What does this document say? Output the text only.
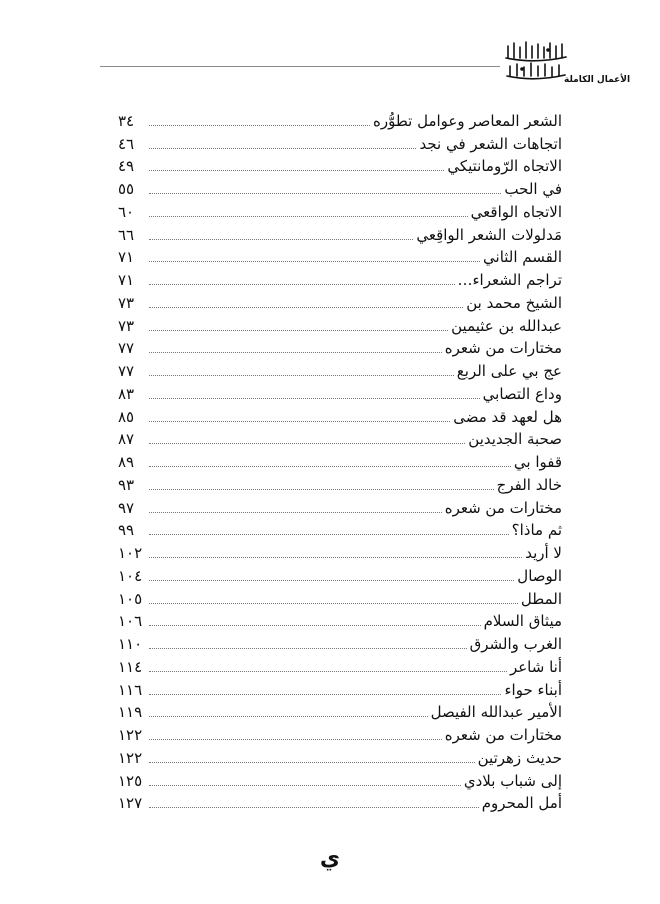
الأعمال الكاملة
الشعر المعاصر وعوامل تطوُّره
٣٤
اتجاهات الشعر في نجد
٤٦
الاتجاه الرّومانتيكي
٤٩
في الحب
٥٥
الاتجاه الواقعي
٦٠
مَدلولات الشعر الواقِعي
٦٦
القسم الثاني
٧١
تراجم الشعراء…
٧١
الشيخ محمد بن
٧٣
عبدالله بن عثيمين
٧٣
مختارات من شعره
٧٧
عج بي على الربع
٧٧
وداع التصابي
٨٣
هل لعهد قد مضى
٨٥
صحبة الجديدين
٨٧
قفوا بي
٨٩
خالد الفرج
٩٣
مختارات من شعره
٩٧
ثم ماذا؟
٩٩
لا أريد
١٠٢
الوصال
١٠٤
المطل
١٠٥
ميثاق السلام
١٠٦
الغرب والشرق
١١٠
أنا شاعر
١١٤
أبناء حواء
١١٦
الأمير عبدالله الفيصل
١١٩
مختارات من شعره
١٢٢
حديث زهرتين
١٢٢
إلى شباب بلادي
١٢٥
أمل المحروم
١٢٧
ي
